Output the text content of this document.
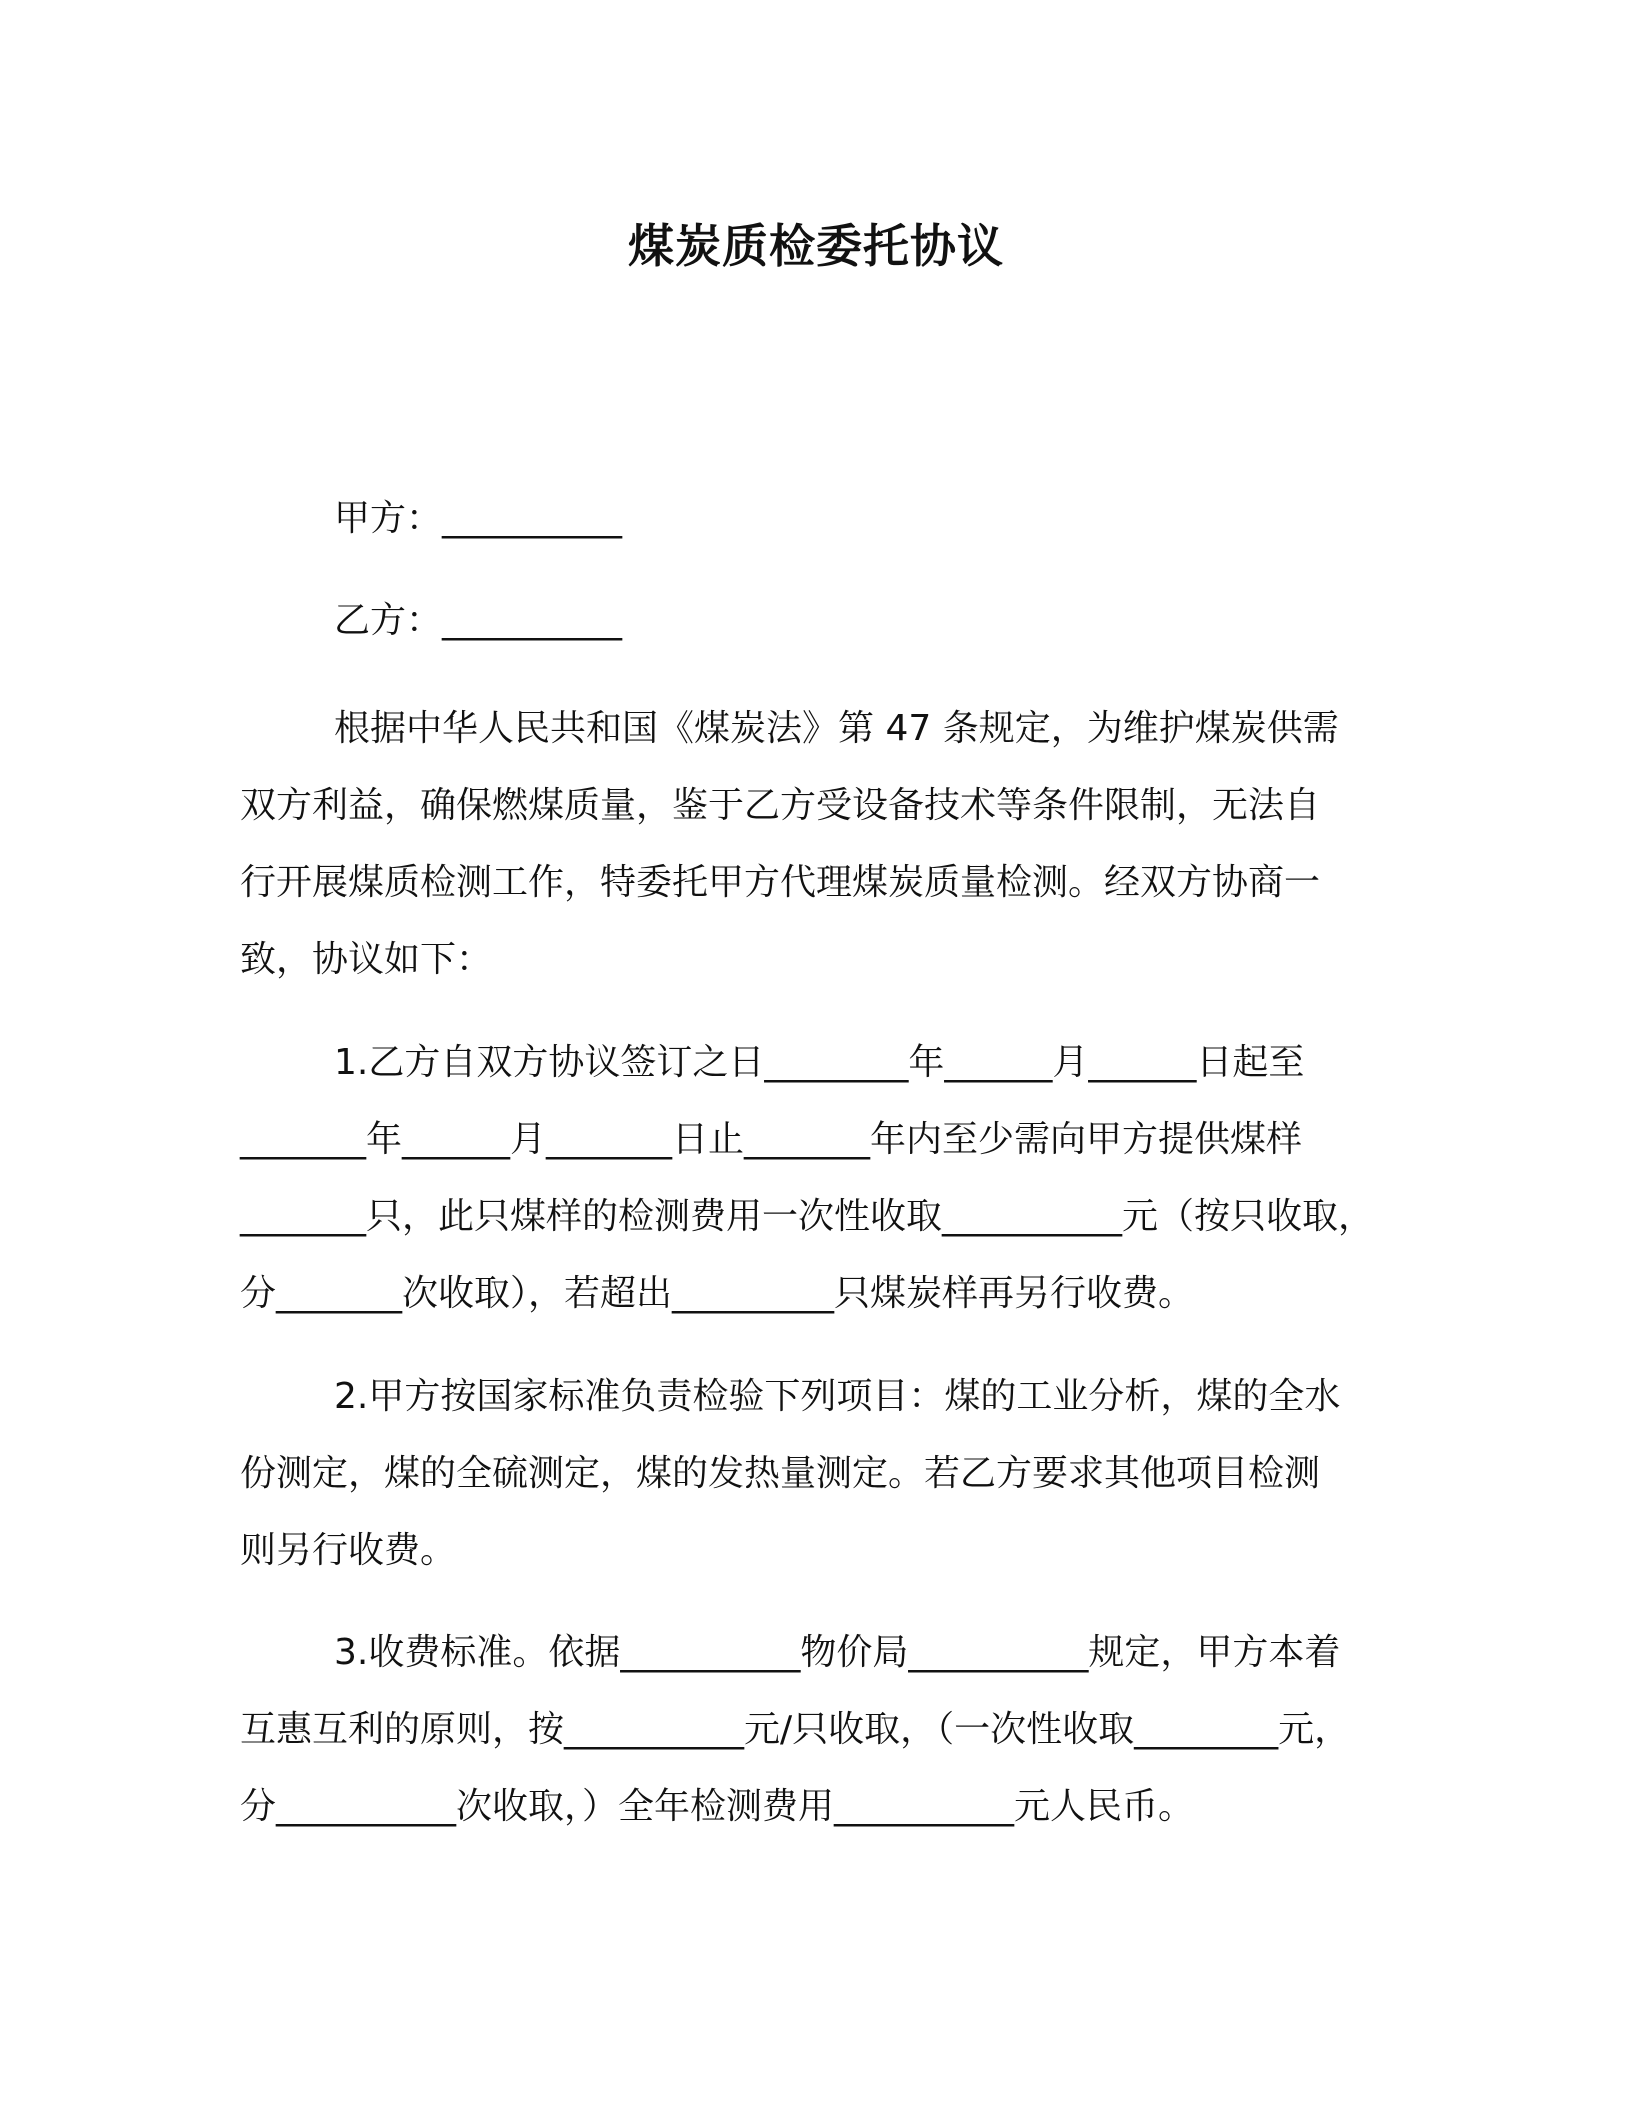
煤炭质检委托协议
甲方：__________
乙方：__________
根据中华人民共和国《煤炭法》第 47 条规定，为维护煤炭供需
双方利益，确保燃煤质量，鉴于乙方受设备技术等条件限制，无法自
行开展煤质检测工作，特委托甲方代理煤炭质量检测。经双方协商一
致，协议如下：
1.乙方自双方协议签订之日________年______月______日起至
_______年______月_______日止_______年内至少需向甲方提供煤样
_______只，此只煤样的检测费用一次性收取__________元（按只收取，
分_______次收取），若超出_________只煤炭样再另行收费。
2.甲方按国家标准负责检验下列项目：煤的工业分析，煤的全水
份测定，煤的全硫测定，煤的发热量测定。若乙方要求其他项目检测
则另行收费。
3.收费标准。依据__________物价局__________规定，甲方本着
互惠互利的原则，按__________元/只收取，（一次性收取________元，
分__________次收取，）全年检测费用__________元人民币。
